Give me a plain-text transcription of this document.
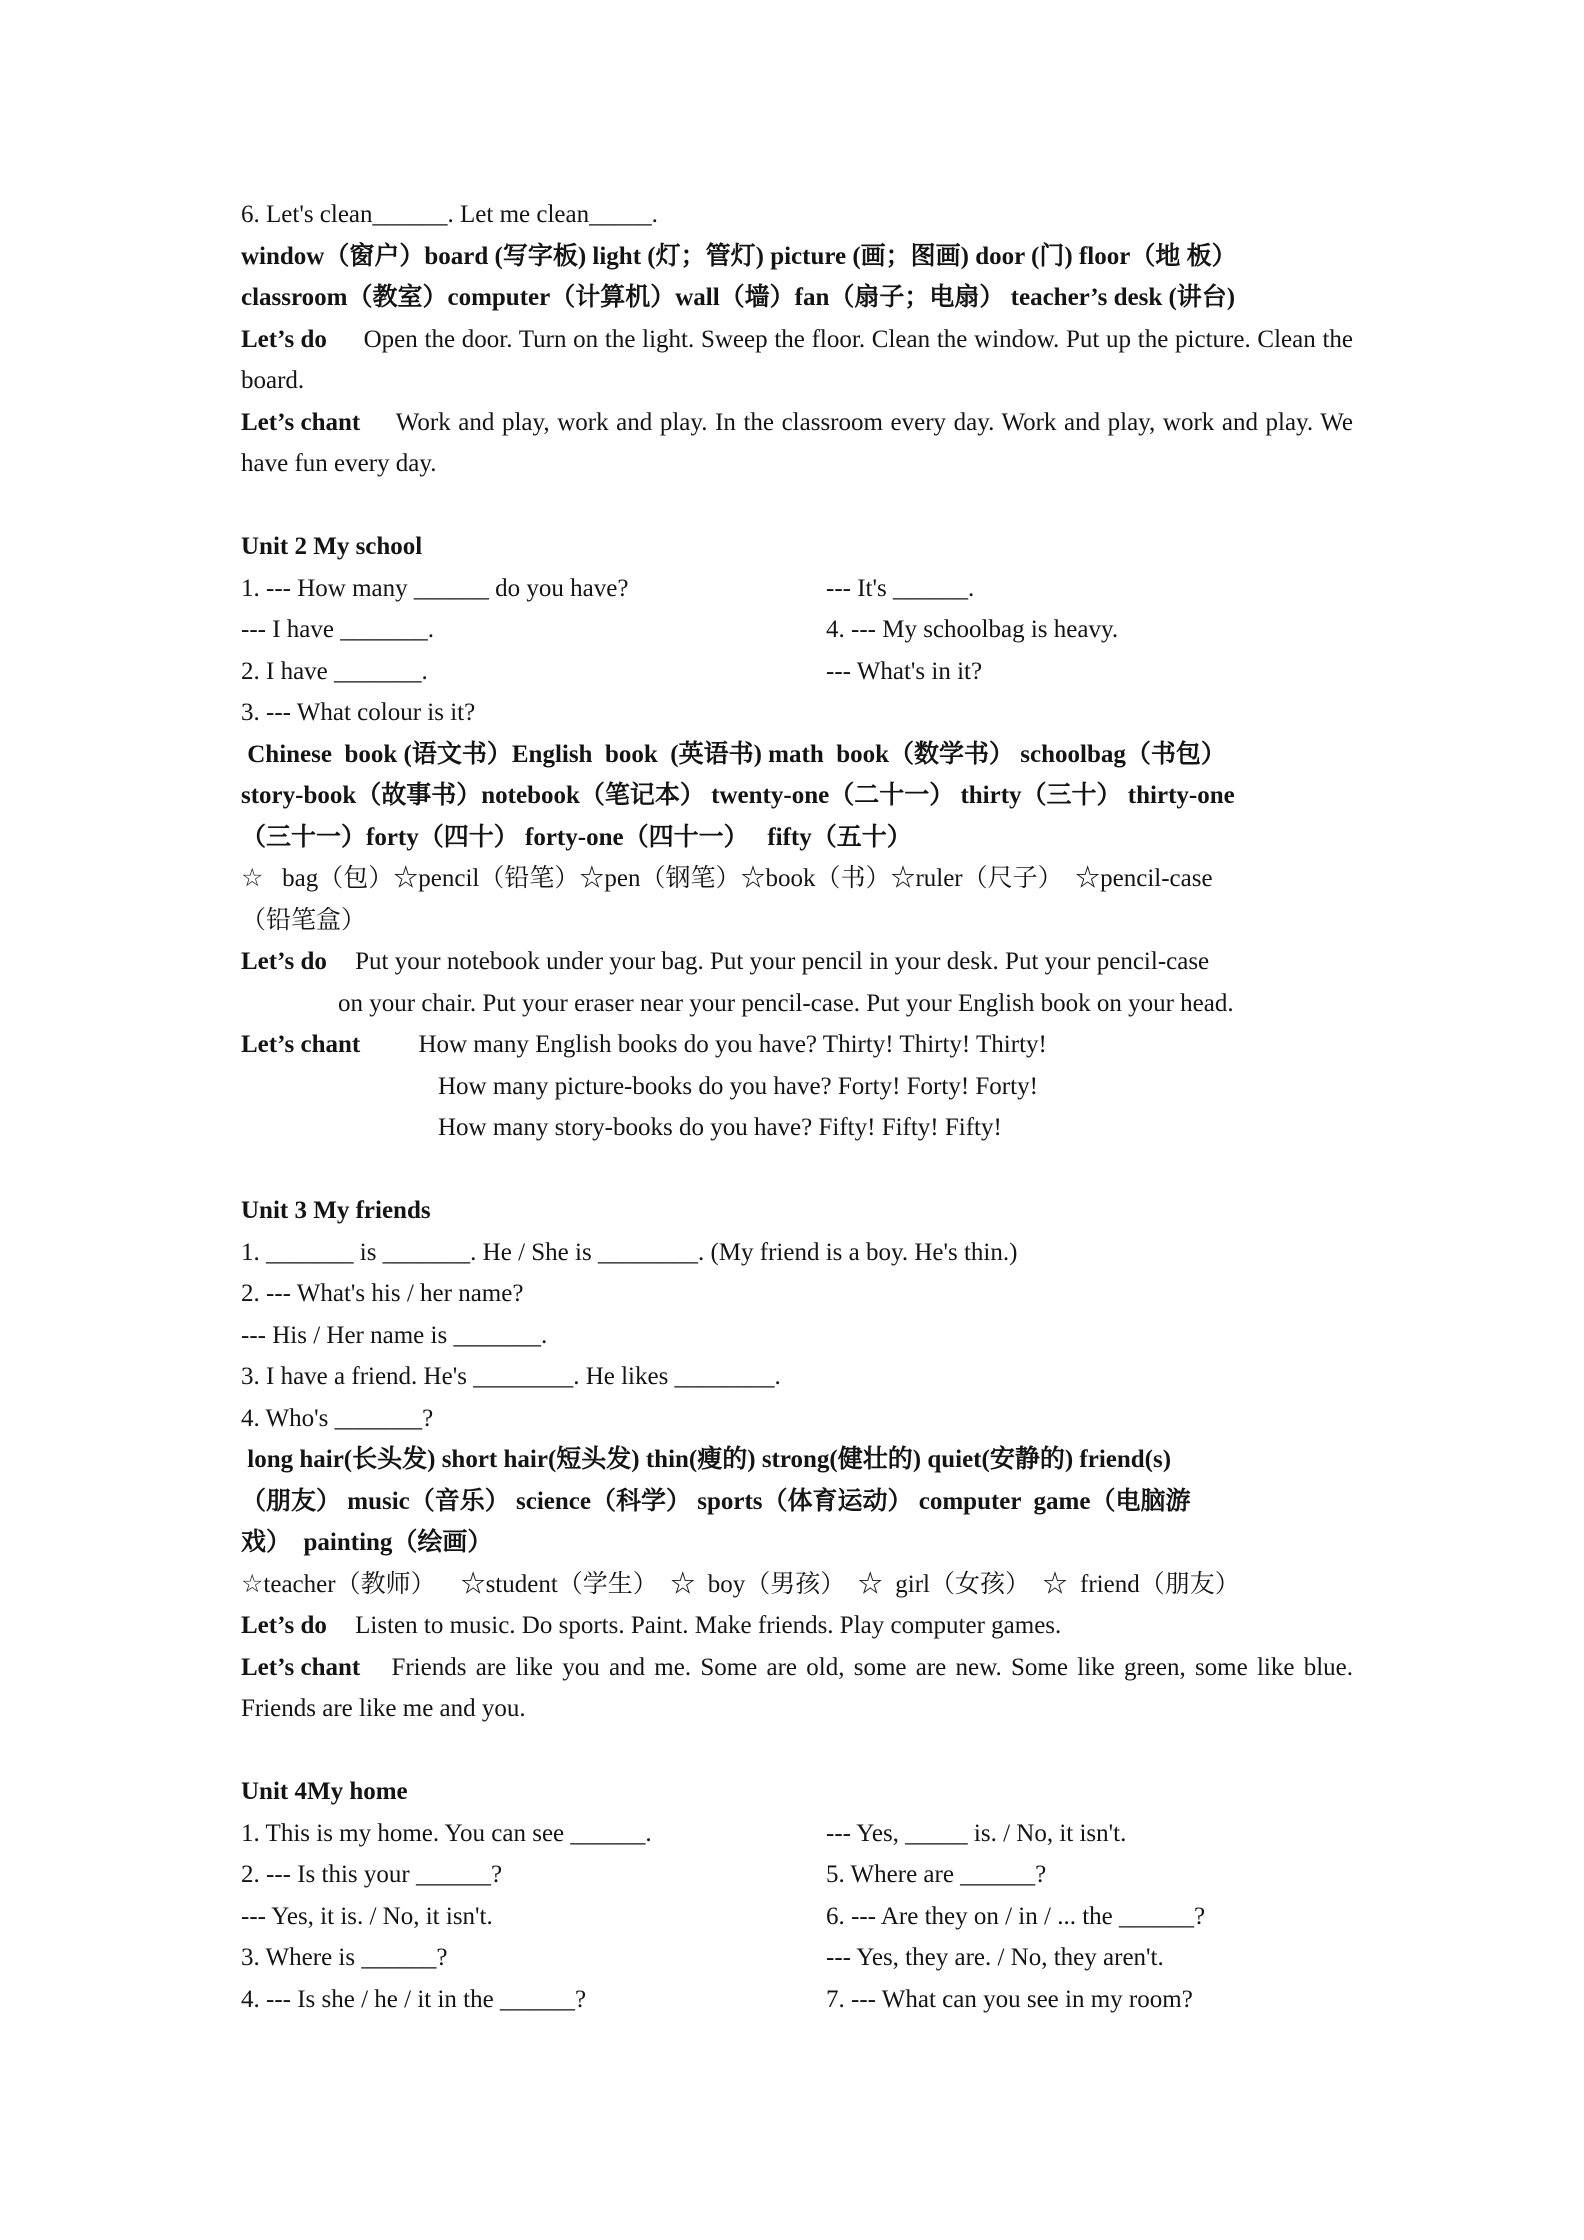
6. Let's clean______. Let me clean_____.
window（窗户）board (写字板) light (灯；管灯) picture (画；图画) door (门) floor（地 板）
classroom（教室）computer（计算机）wall（墙）fan（扇子；电扇） teacher’s desk (讲台)
Let’s do Open the door. Turn on the light. Sweep the floor. Clean the window. Put up the picture. Clean the board.
Let’s chant Work and play, work and play. In the classroom every day. Work and play, work and play. We have fun every day.
Unit 2 My school
1. --- How many ______ do you have?
--- I have _______.
2. I have _______.
3. --- What colour is it?
--- It's ______.
4. --- My schoolbag is heavy.
--- What's in it?
Chinese  book (语文书）English  book  (英语书) math  book（数学书） schoolbag（书包）
story-book（故事书）notebook（笔记本） twenty-one（二十一） thirty（三十） thirty-one
（三十一）forty（四十） forty-one（四十一）   fifty（五十）
☆   bag（包）☆pencil（铅笔）☆pen（钢笔）☆book（书）☆ruler（尺子）  ☆pencil-case
（铅笔盒）
Let’s do Put your notebook under your bag. Put your pencil in your desk. Put your pencil-case
on your chair. Put your eraser near your pencil-case. Put your English book on your head.
Let’s chant How many English books do you have? Thirty! Thirty! Thirty!
How many picture-books do you have? Forty! Forty! Forty!
How many story-books do you have? Fifty! Fifty! Fifty!
Unit 3 My friends
1. _______ is _______. He / She is ________. (My friend is a boy. He's thin.)
2. --- What's his / her name?
--- His / Her name is _______.
3. I have a friend. He's ________. He likes ________.
4. Who's _______?
long hair(长头发) short hair(短头发) thin(瘦的) strong(健壮的) quiet(安静的) friend(s)
（朋友） music（音乐） science（科学） sports（体育运动） computer  game（电脑游
戏）  painting（绘画）
☆teacher（教师）    ☆student（学生）  ☆  boy（男孩）  ☆  girl（女孩）  ☆  friend（朋友）
Let’s do Listen to music. Do sports. Paint. Make friends. Play computer games.
Let’s chant Friends are like you and me. Some are old, some are new. Some like green, some like blue. Friends are like me and you.
Unit 4My home
1. This is my home. You can see ______.
2. --- Is this your ______?
--- Yes, it is. / No, it isn't.
3. Where is ______?
4. --- Is she / he / it in the ______?
--- Yes, _____ is. / No, it isn't.
5. Where are ______?
6. --- Are they on / in / ... the ______?
--- Yes, they are. / No, they aren't.
7. --- What can you see in my room?
